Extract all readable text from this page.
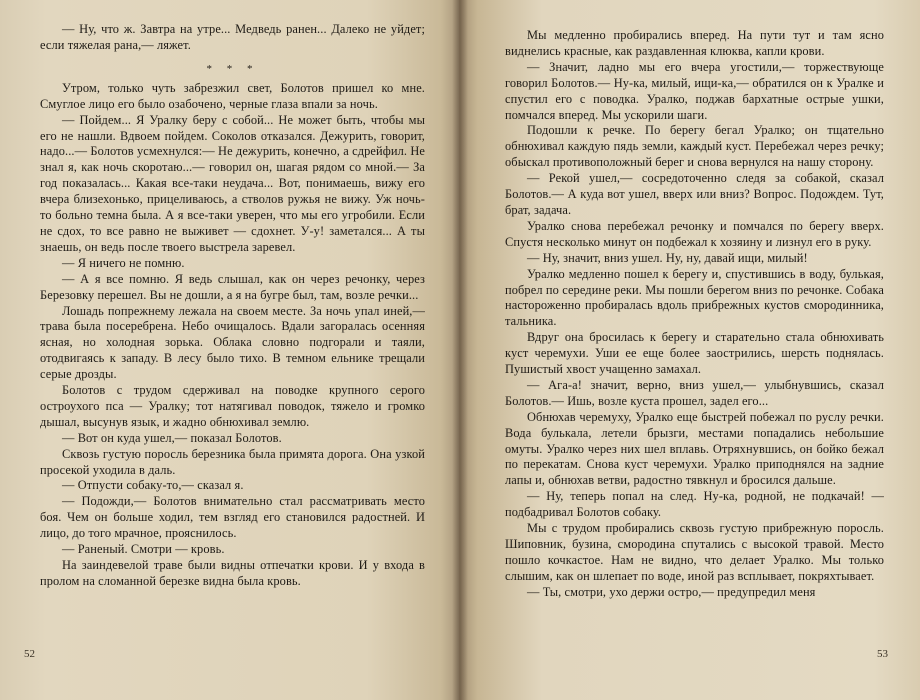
— Ну, что ж. Завтра на утре... Медведь ранен... Далеко не уйдет; если тяжелая рана,— ляжет.

* * *

Утром, только чуть забрезжил свет, Болотов пришел ко мне. Смуглое лицо его было озабочено, черные глаза впали за ночь.

— Пойдем... Я Уралку беру с собой... Не может быть, чтобы мы его не нашли. Вдвоем пойдем. Соколов отказался. Дежурить, говорит, надо...— Болотов усмехнулся:— Не дежурить, конечно, а сдрейфил. Не знал я, как ночь скоротаю...— говорил он, шагая рядом со мной.— За год показалась... Какая все-таки неудача... Вот, понимаешь, вижу его вчера близехонько, прицеливаюсь, а стволов ружья не вижу. Уж ночь-то больно темна была. А я все-таки уверен, что мы его угробили. Если не сдох, то все равно не выживет — сдохнет. У-у! заметался... А ты знаешь, он ведь после твоего выстрела заревел.

— Я ничего не помню.

— А я все помню. Я ведь слышал, как он через речонку, через Березовку перешел. Вы не дошли, а я на бугре был, там, возле речки...

Лошадь попрежнему лежала на своем месте. За ночь упал иней,— трава была посеребрена. Небо очищалось. Вдали загоралась осенняя ясная, но холодная зорька. Облака словно подгорали и таяли, отодвигаясь к западу. В лесу было тихо. В темном ельнике трещали серые дрозды.

Болотов с трудом сдерживал на поводке крупного серого остроухого пса — Уралку; тот натягивал поводок, тяжело и громко дышал, высунув язык, и жадно обнюхивал землю.

— Вот он куда ушел,— показал Болотов.

Сквозь густую поросль березника была примята дорога. Она узкой просекой уходила в даль.

— Отпусти собаку-то,— сказал я.

— Подожди,— Болотов внимательно стал рассматривать место боя. Чем он больше ходил, тем взгляд его становился радостней. И лицо, до того мрачное, прояснилось.

— Раненый. Смотри — кровь.

На заиндевелой траве были видны отпечатки крови. И у входа в пролом на сломанной березке видна была кровь.

52

Мы медленно пробирались вперед. На пути тут и там ясно виднелись красные, как раздавленная клюква, капли крови.

— Значит, ладно мы его вчера угостили,— торжествующе говорил Болотов.— Ну-ка, милый, ищи-ка,— обратился он к Уралке и спустил его с поводка. Уралко, поджав бархатные острые ушки, помчался вперед. Мы ускорили шаги.

Подошли к речке. По берегу бегал Уралко; он тщательно обнюхивал каждую пядь земли, каждый куст. Перебежал через речку; обыскал противоположный берег и снова вернулся на нашу сторону.

— Рекой ушел,— сосредоточенно следя за собакой, сказал Болотов.— А куда вот ушел, вверх или вниз? Вопрос. Подождем. Тут, брат, задача.

Уралко снова перебежал речонку и помчался по берегу вверх. Спустя несколько минут он подбежал к хозяину и лизнул его в руку.

— Ну, значит, вниз ушел. Ну, ну, давай ищи, милый!

Уралко медленно пошел к берегу и, спустившись в воду, булькая, побрел по середине реки. Мы пошли берегом вниз по речонке. Собака настороженно пробиралась вдоль прибрежных кустов смородинника, тальника.

Вдруг она бросилась к берегу и старательно стала обнюхивать куст черемухи. Уши ее еще более заострились, шерсть поднялась. Пушистый хвост учащенно замахал.

— Ага-а! значит, верно, вниз ушел,— улыбнувшись, сказал Болотов.— Ишь, возле куста прошел, задел его...

Обнюхав черемуху, Уралко еще быстрей побежал по руслу речки. Вода булькала, летели брызги, местами попадались небольшие омуты. Уралко через них шел вплавь. Отряхнувшись, он бойко бежал по перекатам. Снова куст черемухи. Уралко приподнялся на задние лапы и, обнюхав ветви, радостно тявкнул и бросился дальше.

— Ну, теперь попал на след. Ну-ка, родной, не подкачай! — подбадривал Болотов собаку.

Мы с трудом пробирались сквозь густую прибрежную поросль. Шиповник, бузина, смородина спутались с высокой травой. Место пошло кочкастое. Нам не видно, что делает Уралко. Мы только слышим, как он шлепает по воде, иной раз всплывает, покряхтывает.

— Ты, смотри, ухо держи остро,— предупредил меня

53
